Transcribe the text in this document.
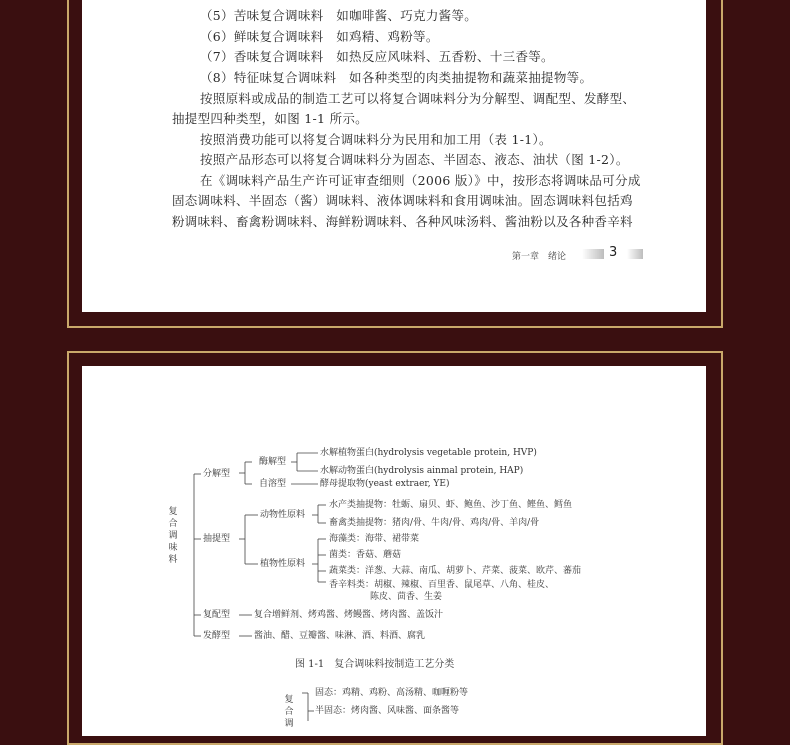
（5）苦味复合调味料　如咖啡酱、巧克力酱等。
（6）鲜味复合调味料　如鸡精、鸡粉等。
（7）香味复合调味料　如热反应风味料、五香粉、十三香等。
（8）特征味复合调味料　如各种类型的肉类抽提物和蔬菜抽提物等。
按照原料或成品的制造工艺可以将复合调味料分为分解型、调配型、发酵型、
抽提型四种类型，如图 1-1 所示。
按照消费功能可以将复合调味料分为民用和加工用（表 1-1）。
按照产品形态可以将复合调味料分为固态、半固态、液态、油状（图 1-2）。
在《调味料产品生产许可证审查细则（2006 版）》中，按形态将调味品可分成
固态调味料、半固态（酱）调味料、液体调味料和食用调味油。固态调味料包括鸡
粉调味料、畜禽粉调味料、海鲜粉调味料、各种风味汤料、酱油粉以及各种香辛料
第一章　绪论	3
复合调味料
分解型
酶解型
水解植物蛋白(hydrolysis vegetable protein, HVP)
水解动物蛋白(hydrolysis ainmal protein, HAP)
自溶型	酵母提取物(yeast extraer, YE)
抽提型
动物性原料
水产类抽提物：牡蛎、扇贝、虾、鲍鱼、沙丁鱼、鲣鱼、鳕鱼
畜禽类抽提物：猪肉/骨、牛肉/骨、鸡肉/骨、羊肉/骨
植物性原料
海藻类：海带、裙带菜
菌类：香菇、蘑菇
蔬菜类：洋葱、大蒜、南瓜、胡萝卜、芹菜、菠菜、欧芹、蕃茄
香辛料类：胡椒、辣椒、百里香、鼠尾草、八角、桂皮、
陈皮、茴香、生姜
复配型	复合增鲜剂、烤鸡酱、烤鳗酱、烤肉酱、盖饭汁
发酵型	酱油、醋、豆瓣酱、味淋、酒、料酒、腐乳
图 1-1　复合调味料按制造工艺分类
复合调
固态：鸡精、鸡粉、高汤精、咖喱粉等
半固态：烤肉酱、风味酱、面条酱等
